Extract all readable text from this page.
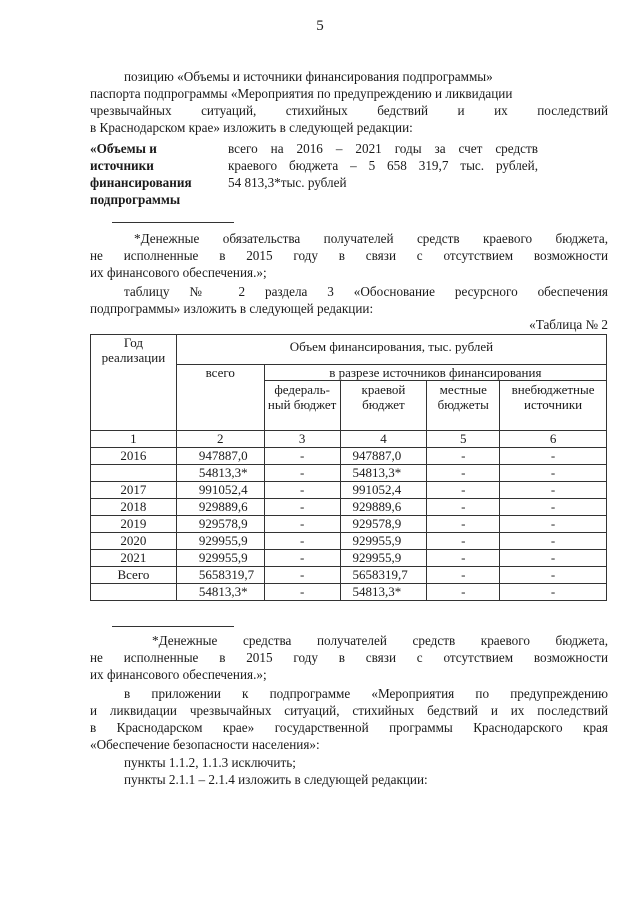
5
позицию «Объемы и источники финансирования подпрограммы»
паспорта подпрограммы «Мероприятия по предупреждению и ликвидации
чрезвычайных ситуаций, стихийных бедствий и их последствий
в Краснодарском крае» изложить в следующей редакции:
«Объемы и
источники
финансирования
подпрограммы
всего на 2016 – 2021 годы за счет средств
краевого бюджета – 5 658 319,7 тыс. рублей,
54 813,3*тыс. рублей
*Денежные обязательства получателей средств краевого бюджета,
не исполненные в 2015 году в связи с отсутствием возможности
их финансового обеспечения.»;
таблицу № 2 раздела 3 «Обоснование ресурсного обеспечения
подпрограммы» изложить в следующей редакции:
«Таблица № 2
Год реализации	Объем финансирования, тыс. рублей				
	всего	в разрезе источников финансирования			
		федераль-ный бюджет	краевой бюджет	местные бюджеты	внебюджетные источники
1	2	3	4	5	6
2016	947887,0	-	947887,0	-	-
	54813,3*	-	54813,3*	-	-
2017	991052,4	-	991052,4	-	-
2018	929889,6	-	929889,6	-	-
2019	929578,9	-	929578,9	-	-
2020	929955,9	-	929955,9	-	-
2021	929955,9	-	929955,9	-	-
Всего	5658319,7	-	5658319,7	-	-
	54813,3*	-	54813,3*	-	-
*Денежные средства получателей средств краевого бюджета,
не исполненные в 2015 году в связи с отсутствием возможности
их финансового обеспечения.»;
в приложении к подпрограмме «Мероприятия по предупреждению
и ликвидации чрезвычайных ситуаций, стихийных бедствий и их последствий
в Краснодарском крае» государственной программы Краснодарского края
«Обеспечение безопасности населения»:
пункты 1.1.2, 1.1.3 исключить;
пункты 2.1.1 – 2.1.4 изложить в следующей редакции:
